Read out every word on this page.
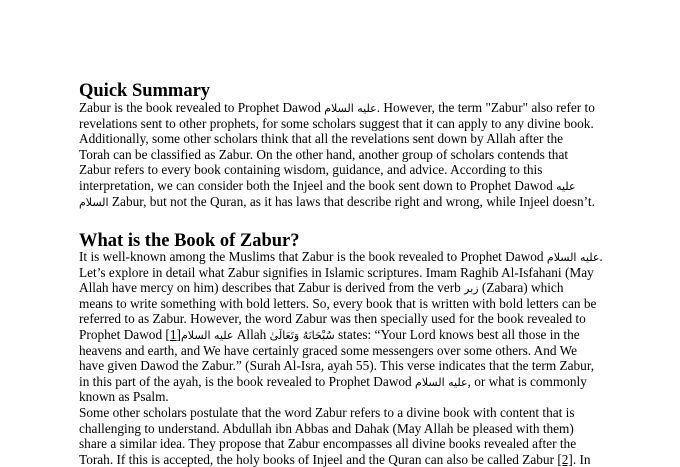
Quick Summary
Zabur is the book revealed to Prophet Dawod عليه السلام. However, the term "Zabur" also refer to
revelations sent to other prophets, for some scholars suggest that it can apply to any divine book.
Additionally, some other scholars think that all the revelations sent down by Allah after the
Torah can be classified as Zabur. On the other hand, another group of scholars contends that
Zabur refers to every book containing wisdom, guidance, and advice. According to this
interpretation, we can consider both the Injeel and the book sent down to Prophet Dawod عليه
السلام Zabur, but not the Quran, as it has laws that describe right and wrong, while Injeel doesn’t.
What is the Book of Zabur?
It is well-known among the Muslims that Zabur is the book revealed to Prophet Dawod عليه السلام.
Let’s explore in detail what Zabur signifies in Islamic scriptures. Imam Raghib Al-Isfahani (May
Allah have mercy on him) describes that Zabur is derived from the verb زبر (Zabara) which
means to write something with bold letters. So, every book that is written with bold letters can be
referred to as Zabur. However, the word Zabur was then specially used for the book revealed to
Prophet Dawod عليه السلام[1]	Allah سُبْحَانَهُ وَتَعَالَىٰ states: “Your Lord knows best all those in the
heavens and earth, and We have certainly graced some messengers over some others. And We
have given Dawod the Zabur.” (Surah Al-Isra, ayah 55). This verse indicates that the term Zabur,
in this part of the ayah, is the book revealed to Prophet Dawod عليه السلام, or what is commonly
known as Psalm.
Some other scholars postulate that the word Zabur refers to a divine book with content that is
challenging to understand. Abdullah ibn Abbas and Dahak (May Allah be pleased with them)
share a similar idea. They propose that Zabur encompasses all divine books revealed after the
Torah. If this is accepted, the holy books of Injeel and the Quran can also be called Zabur [2]. In
